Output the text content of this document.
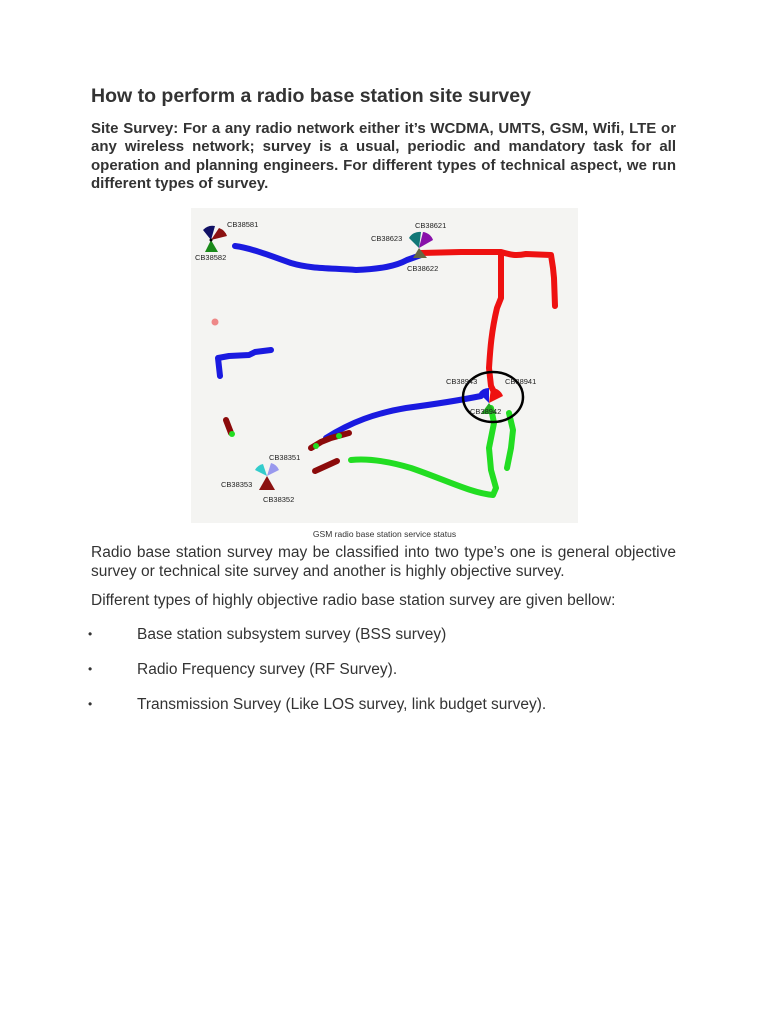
How to perform a radio base station site survey

Site Survey: For a any radio network either it’s WCDMA, UMTS, GSM, Wifi, LTE or any wireless network; survey is a usual, periodic and mandatory task for all operation and planning engineers. For different types of technical aspect, we run different types of survey.

CB38581
CB38582
CB38621
CB38623
CB38622
CB38943	CB38941
CB38942
CB38351
CB38353
CB38352

GSM radio base station service status

Radio base station survey may be classified into two type’s one is general objective survey or technical site survey and another is highly objective survey.

Different types of highly objective radio base station survey are given bellow:

•	Base station subsystem survey (BSS survey)
•	Radio Frequency survey (RF Survey).
•	Transmission Survey (Like LOS survey, link budget survey).
